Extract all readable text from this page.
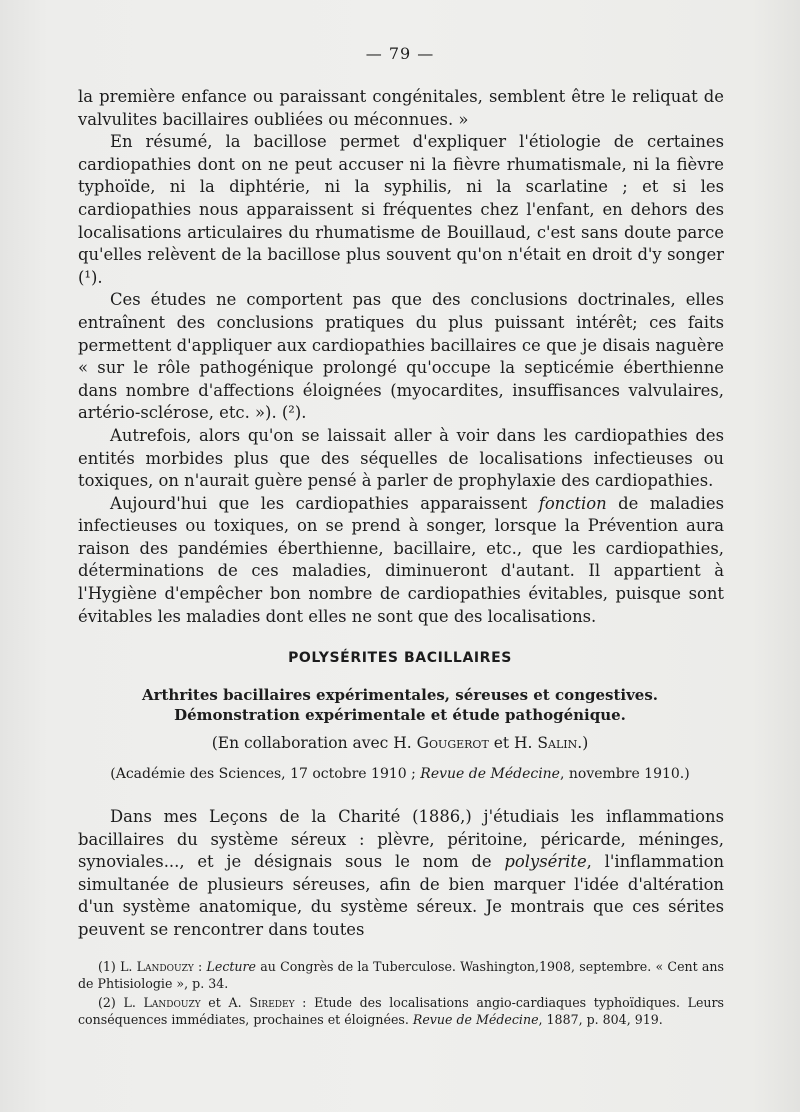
— 79 —

la première enfance ou paraissant congénitales, semblent être le reliquat de valvulites bacillaires oubliées ou méconnues. »

En résumé, la bacillose permet d'expliquer l'étiologie de certaines cardiopathies dont on ne peut accuser ni la fièvre rhumatismale, ni la fièvre typhoïde, ni la diphtérie, ni la syphilis, ni la scarlatine ; et si les cardiopathies nous apparaissent si fréquentes chez l'enfant, en dehors des localisations articulaires du rhumatisme de Bouillaud, c'est sans doute parce qu'elles relèvent de la bacillose plus souvent qu'on n'était en droit d'y songer (¹).

Ces études ne comportent pas que des conclusions doctrinales, elles entraînent des conclusions pratiques du plus puissant intérêt; ces faits permettent d'appliquer aux cardiopathies bacillaires ce que je disais naguère « sur le rôle pathogénique prolongé qu'occupe la septicémie éberthienne dans nombre d'affections éloignées (myocardites, insuffisances valvulaires, artério-sclérose, etc. »). (²).

Autrefois, alors qu'on se laissait aller à voir dans les cardiopathies des entités morbides plus que des séquelles de localisations infectieuses ou toxiques, on n'aurait guère pensé à parler de prophylaxie des cardiopathies.

Aujourd'hui que les cardiopathies apparaissent fonction de maladies infectieuses ou toxiques, on se prend à songer, lorsque la Prévention aura raison des pandémies éberthienne, bacillaire, etc., que les cardiopathies, déterminations de ces maladies, diminueront d'autant. Il appartient à l'Hygiène d'empêcher bon nombre de cardiopathies évitables, puisque sont évitables les maladies dont elles ne sont que des localisations.

POLYSÉRITES BACILLAIRES
Arthrites bacillaires expérimentales, séreuses et congestives.
Démonstration expérimentale et étude pathogénique.
(En collaboration avec H. Gougerot et H. Salin.)
(Académie des Sciences, 17 octobre 1910 ; Revue de Médecine, novembre 1910.)

Dans mes Leçons de la Charité (1886,) j'étudiais les inflammations bacillaires du système séreux : plèvre, péritoine, péricarde, méninges, synoviales..., et je désignais sous le nom de polysérite, l'inflammation simultanée de plusieurs séreuses, afin de bien marquer l'idée d'altération d'un système anatomique, du système séreux. Je montrais que ces sérites peuvent se rencontrer dans toutes

(1) L. Landouzy : Lecture au Congrès de la Tuberculose. Washington,1908, septembre. « Cent ans de Phtisiologie », p. 34.

(2) L. Landouzy et A. Siredey : Etude des localisations angio-cardiaques typhoïdiques. Leurs conséquences immédiates, prochaines et éloignées. Revue de Médecine, 1887, p. 804, 919.
